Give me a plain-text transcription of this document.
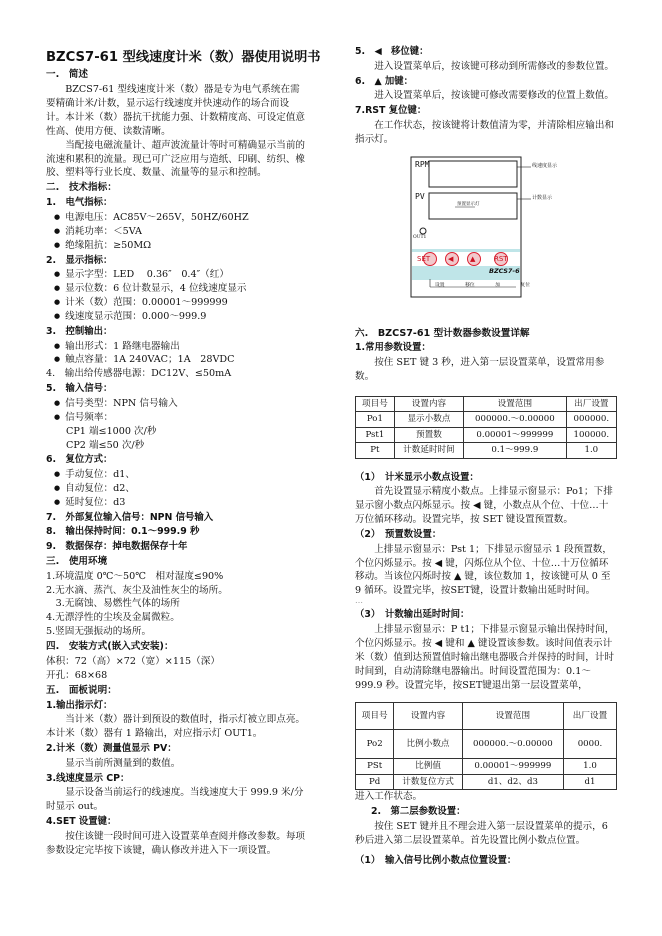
BZCS7-61 型线速度计米（数）器使用说明书
一.　简述
BZCS7-61 型线速度计米（数）器是专为电气系统在需要精确计米/计数，显示运行线速度并快速动作的场合而设计。本计米（数）器抗干扰能力强、计数精度高、可设定值意性高、使用方便、读数清晰。
当配接电磁流量计、超声波流量计等时可精确显示当前的流速和累积的流量。现已可广泛应用与造纸、印刷、纺织、橡胶、塑料等行业长度、数量、流量等的显示和控制。
二.　技术指标：
1.　电气指标：
● 电源电压：AC85V～265V，50HZ/60HZ
● 消耗功率：＜5VA
● 绝缘阻抗：≥50MΩ
2.　显示指标：
● 显示字型：LED　 0.36″　0.4″（红）
● 显示位数：6 位计数显示，4 位线速度显示
● 计米（数）范围：0.00001～999999
● 线速度显示范围：0.000～999.9
3.　控制输出：
● 输出形式：1 路继电器输出
● 触点容量：1A 240VAC；1A　28VDC
4.　输出给传感器电源：DC12V、≤50mA
5.　输入信号：
● 信号类型：NPN 信号输入
● 信号频率：
CP1 端≤1000 次/秒
CP2 端≤50 次/秒
6.　复位方式：
● 手动复位：d1、
● 自动复位：d2、
● 延时复位：d3
7.　外部复位输入信号：NPN 信号输入
8.　输出保持时间：0.1～999.9 秒
9.　数据保存：掉电数据保存十年
三.　使用环境
1.环境温度 0℃～50℃　相对湿度≤90%
2.无水滴、蒸汽、灰尘及油性灰尘的场所。
　3.无腐蚀、易燃性气体的场所
4.无漂浮性的尘埃及金属微粒。
5.竖固无强振动的场所。
四.　安装方式(嵌入式安装)：
体积：72（高）×72（宽）×115（深）
开孔：68×68
五.　面板说明：
1.输出指示灯：
当计米（数）器计到预设的数值时，指示灯被立即点亮。本计米（数）器有 1 路输出，对应指示灯 OUT1。
2.计米（数）测量值显示 PV：
显示当前所测量到的数值。
3.线速度显示 CP：
显示设备当前运行的线速度。当线速度大于 999.9 米/分时显示 out。
4.SET 设置键：
按住该键一段时间可进入设置菜单查阅并修改参数。每项参数设定完毕按下该键，确认修改并进入下一项设置。
5.　◀　移位键：
进入设置菜单后，按该键可移动到所需修改的参数位置。
6.　▲ 加键：
进入设置菜单后，按该键可修改需要修改的位置上数值。
7.RST 复位键：
在工作状态，按该键将计数值清为零，并清除相应输出和指示灯。
RPM
PV
OUT1
线速度显示
计数显示
预置显示灯
SET	◀ ▲	RST
BZCS7-6
设置	移位	加	复位
六.　BZCS7-61 型计数器参数设置详解
1.常用参数设置：
按住 SET 键 3 秒，进入第一层设置菜单，设置常用参数。
项目号	设置内容	设置范围	出厂设置
Po1	显示小数点	000000.～0.00000	000000.
Pst1	预置数	0.00001～999999	100000.
Pt	计数延时时间	0.1～999.9	1.0
（1）　计米显示小数点设置：
首先设置显示精度小数点。上排显示窗显示：Po1；下排显示窗小数点闪烁显示。按 ◀ 键，小数点从个位、十位…十万位循环移动。设置完毕，按 SET 键设置预置数。
（2）　预置数设置：
上排显示窗显示：Pst 1；下排显示窗显示 1 段预置数，个位闪烁显示。按 ◀ 键，闪烁位从个位、十位…十万位循环移动。当该位闪烁时按 ▲ 键，该位数加 1，按该键可从 0 至 9 循环。设置完毕，按SET键，设置计数输出延时时间。
…
（3）　计数输出延时时间：
上排显示窗显示：P t1；下排显示窗显示输出保持时间，个位闪烁显示。按 ◀ 键和 ▲ 键设置该参数。该时间值表示计米（数）值到达预置值时输出继电器吸合并保持的时间，计时时间到，自动清除继电器输出。时间设置范围为：0.1～999.9 秒。设置完毕，按SET键退出第一层设置菜单，
项目号	设置内容	设置范围	出厂设置
Po2	比例小数点	000000.～0.00000	0000.
PSt	比例值	0.00001～999999	1.0
Pd	计数复位方式	d1、d2、d3	d1
进入工作状态。
2.　第二层参数设置：
按住 SET 键并且不理会进入第一层设置菜单的提示，6 秒后进入第二层设置菜单。首先设置比例小数点位置。
（1）　输入信号比例小数点位置设置：
